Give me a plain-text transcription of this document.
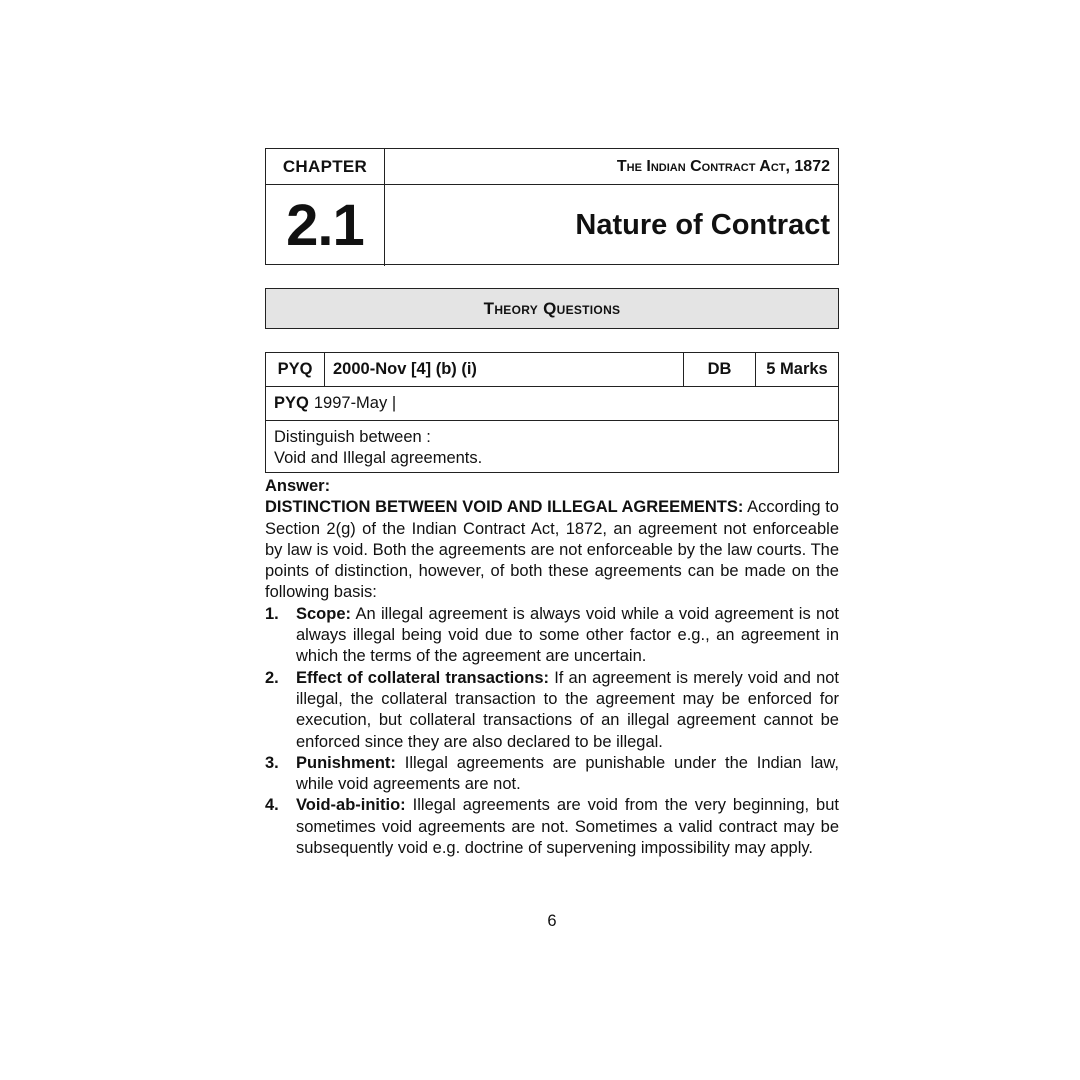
CHAPTER	The Indian Contract Act, 1872
2.1	Nature of Contract
Theory Questions
PYQ	2000-Nov [4] (b) (i)	DB	5 Marks
PYQ 1997-May |
Distinguish between :
Void and Illegal agreements.
Answer:

DISTINCTION BETWEEN VOID AND ILLEGAL AGREEMENTS: According to Section 2(g) of the Indian Contract Act, 1872, an agreement not enforceable by law is void. Both the agreements are not enforceable by the law courts. The points of distinction, however, of both these agreements can be made on the following basis:

1.	Scope: An illegal agreement is always void while a void agreement is not always illegal being void due to some other factor e.g., an agreement in which the terms of the agreement are uncertain.
2.	Effect of collateral transactions: If an agreement is merely void and not illegal, the collateral transaction to the agreement may be enforced for execution, but collateral transactions of an illegal agreement cannot be enforced since they are also declared to be illegal.
3.	Punishment: Illegal agreements are punishable under the Indian law, while void agreements are not.
4.	Void-ab-initio: Illegal agreements are void from the very beginning, but sometimes void agreements are not. Sometimes a valid contract may be subsequently void e.g. doctrine of supervening impossibility may apply.
6
